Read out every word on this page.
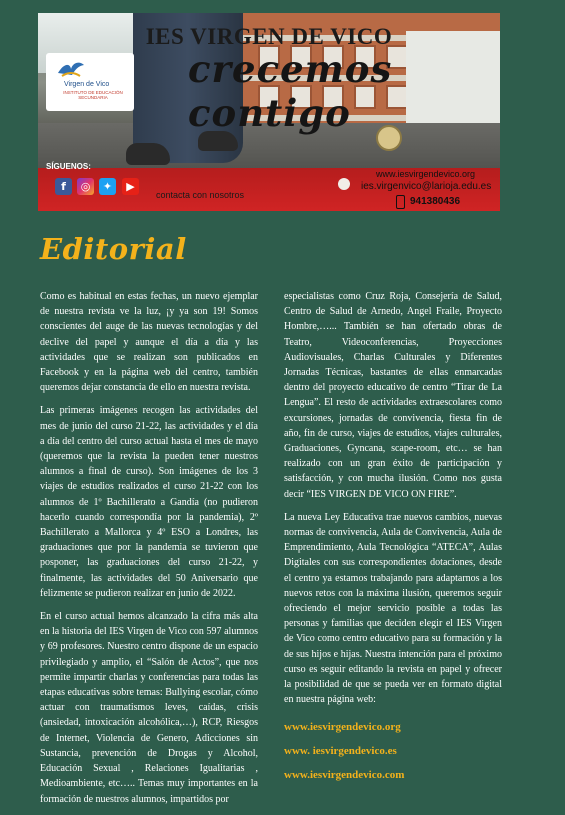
Virgen de Vico
INSTITUTO DE EDUCACIÓN SECUNDARIA
IES VIRGEN DE VICO
crecemos contigo
SÍGUENOS:
f	◎	✦	▶
contacta con nosotros
www.iesvirgendevico.org
ies.virgenvico@larioja.edu.es
941380436
Editorial

Como es habitual en estas fechas, un nuevo ejemplar de nuestra revista ve la luz, ¡y ya son 19! Somos conscientes del auge de las nuevas tecnologías y del declive del papel y aunque el día a día y las actividades que se realizan son publicados en Facebook y en la página web del centro, también queremos dejar constancia de ello en nuestra revista.

Las primeras imágenes recogen las actividades del mes de junio del curso 21-22, las actividades y el día a día del centro del curso actual hasta el mes de mayo (queremos que la revista la pueden tener nuestros alumnos a final de curso). Son imágenes de los 3 viajes de estudios realizados el curso 21-22 con los alumnos de 1º Bachillerato a Gandía (no pudieron hacerlo cuando correspondía por la pandemia), 2º Bachillerato a Mallorca y 4º ESO a Londres, las graduaciones que por la pandemia se tuvieron que posponer, las graduaciones del curso 21-22, y finalmente, las actividades del 50 Aniversario que felizmente se pudieron realizar en junio de 2022.

En el curso actual hemos alcanzado la cifra más alta en la historia del IES Virgen de Vico con 597 alumnos y 69 profesores. Nuestro centro dispone de un espacio privilegiado y amplio, el “Salón de Actos”, que nos permite impartir charlas y conferencias para todas las etapas educativas sobre temas: Bullying escolar, cómo actuar con traumatismos leves, caídas, crisis (ansiedad, intoxicación alcohólica,…), RCP, Riesgos de Internet, Violencia de Genero, Adicciones sin Sustancia, prevención de Drogas y Alcohol, Educación Sexual , Relaciones Igualitarias , Medioambiente, etc….. Temas muy importantes en la formación de nuestros alumnos, impartidos por

especialistas como Cruz Roja, Consejería de Salud, Centro de Salud de Arnedo, Angel Fraile, Proyecto Hombre,…... También se han ofertado obras de Teatro, Videoconferencias, Proyecciones Audiovisuales, Charlas Culturales y Diferentes Jornadas Técnicas, bastantes de ellas enmarcadas dentro del proyecto educativo de centro “Tirar de La Lengua”. El resto de actividades extraescolares como excursiones, jornadas de convivencia, fiesta fin de año, fin de curso, viajes de estudios, viajes culturales, Graduaciones, Gyncana, scape-room, etc… se han realizado con un gran éxito de participación y satisfacción, y con mucha ilusión. Como nos gusta decir “IES VIRGEN DE VICO ON FIRE”.

La nueva Ley Educativa trae nuevos cambios, nuevas normas de convivencia, Aula de Convivencia, Aula de Emprendimiento, Aula Tecnológica “ATECA”, Aulas Digitales con sus correspondientes dotaciones, desde el centro ya estamos trabajando para adaptarnos a los nuevos retos con la máxima ilusión, queremos seguir ofreciendo el mejor servicio posible a todas las personas y familias que deciden elegir el IES Virgen de Vico como centro educativo para su formación y la de sus hijos e hijas. Nuestra intención para el próximo curso es seguir editando la revista en papel y ofrecer la posibilidad de que se pueda ver en formato digital en nuestra página web:

www.iesvirgendevico.org
www. iesvirgendevico.es
www.iesvirgendevico.com
